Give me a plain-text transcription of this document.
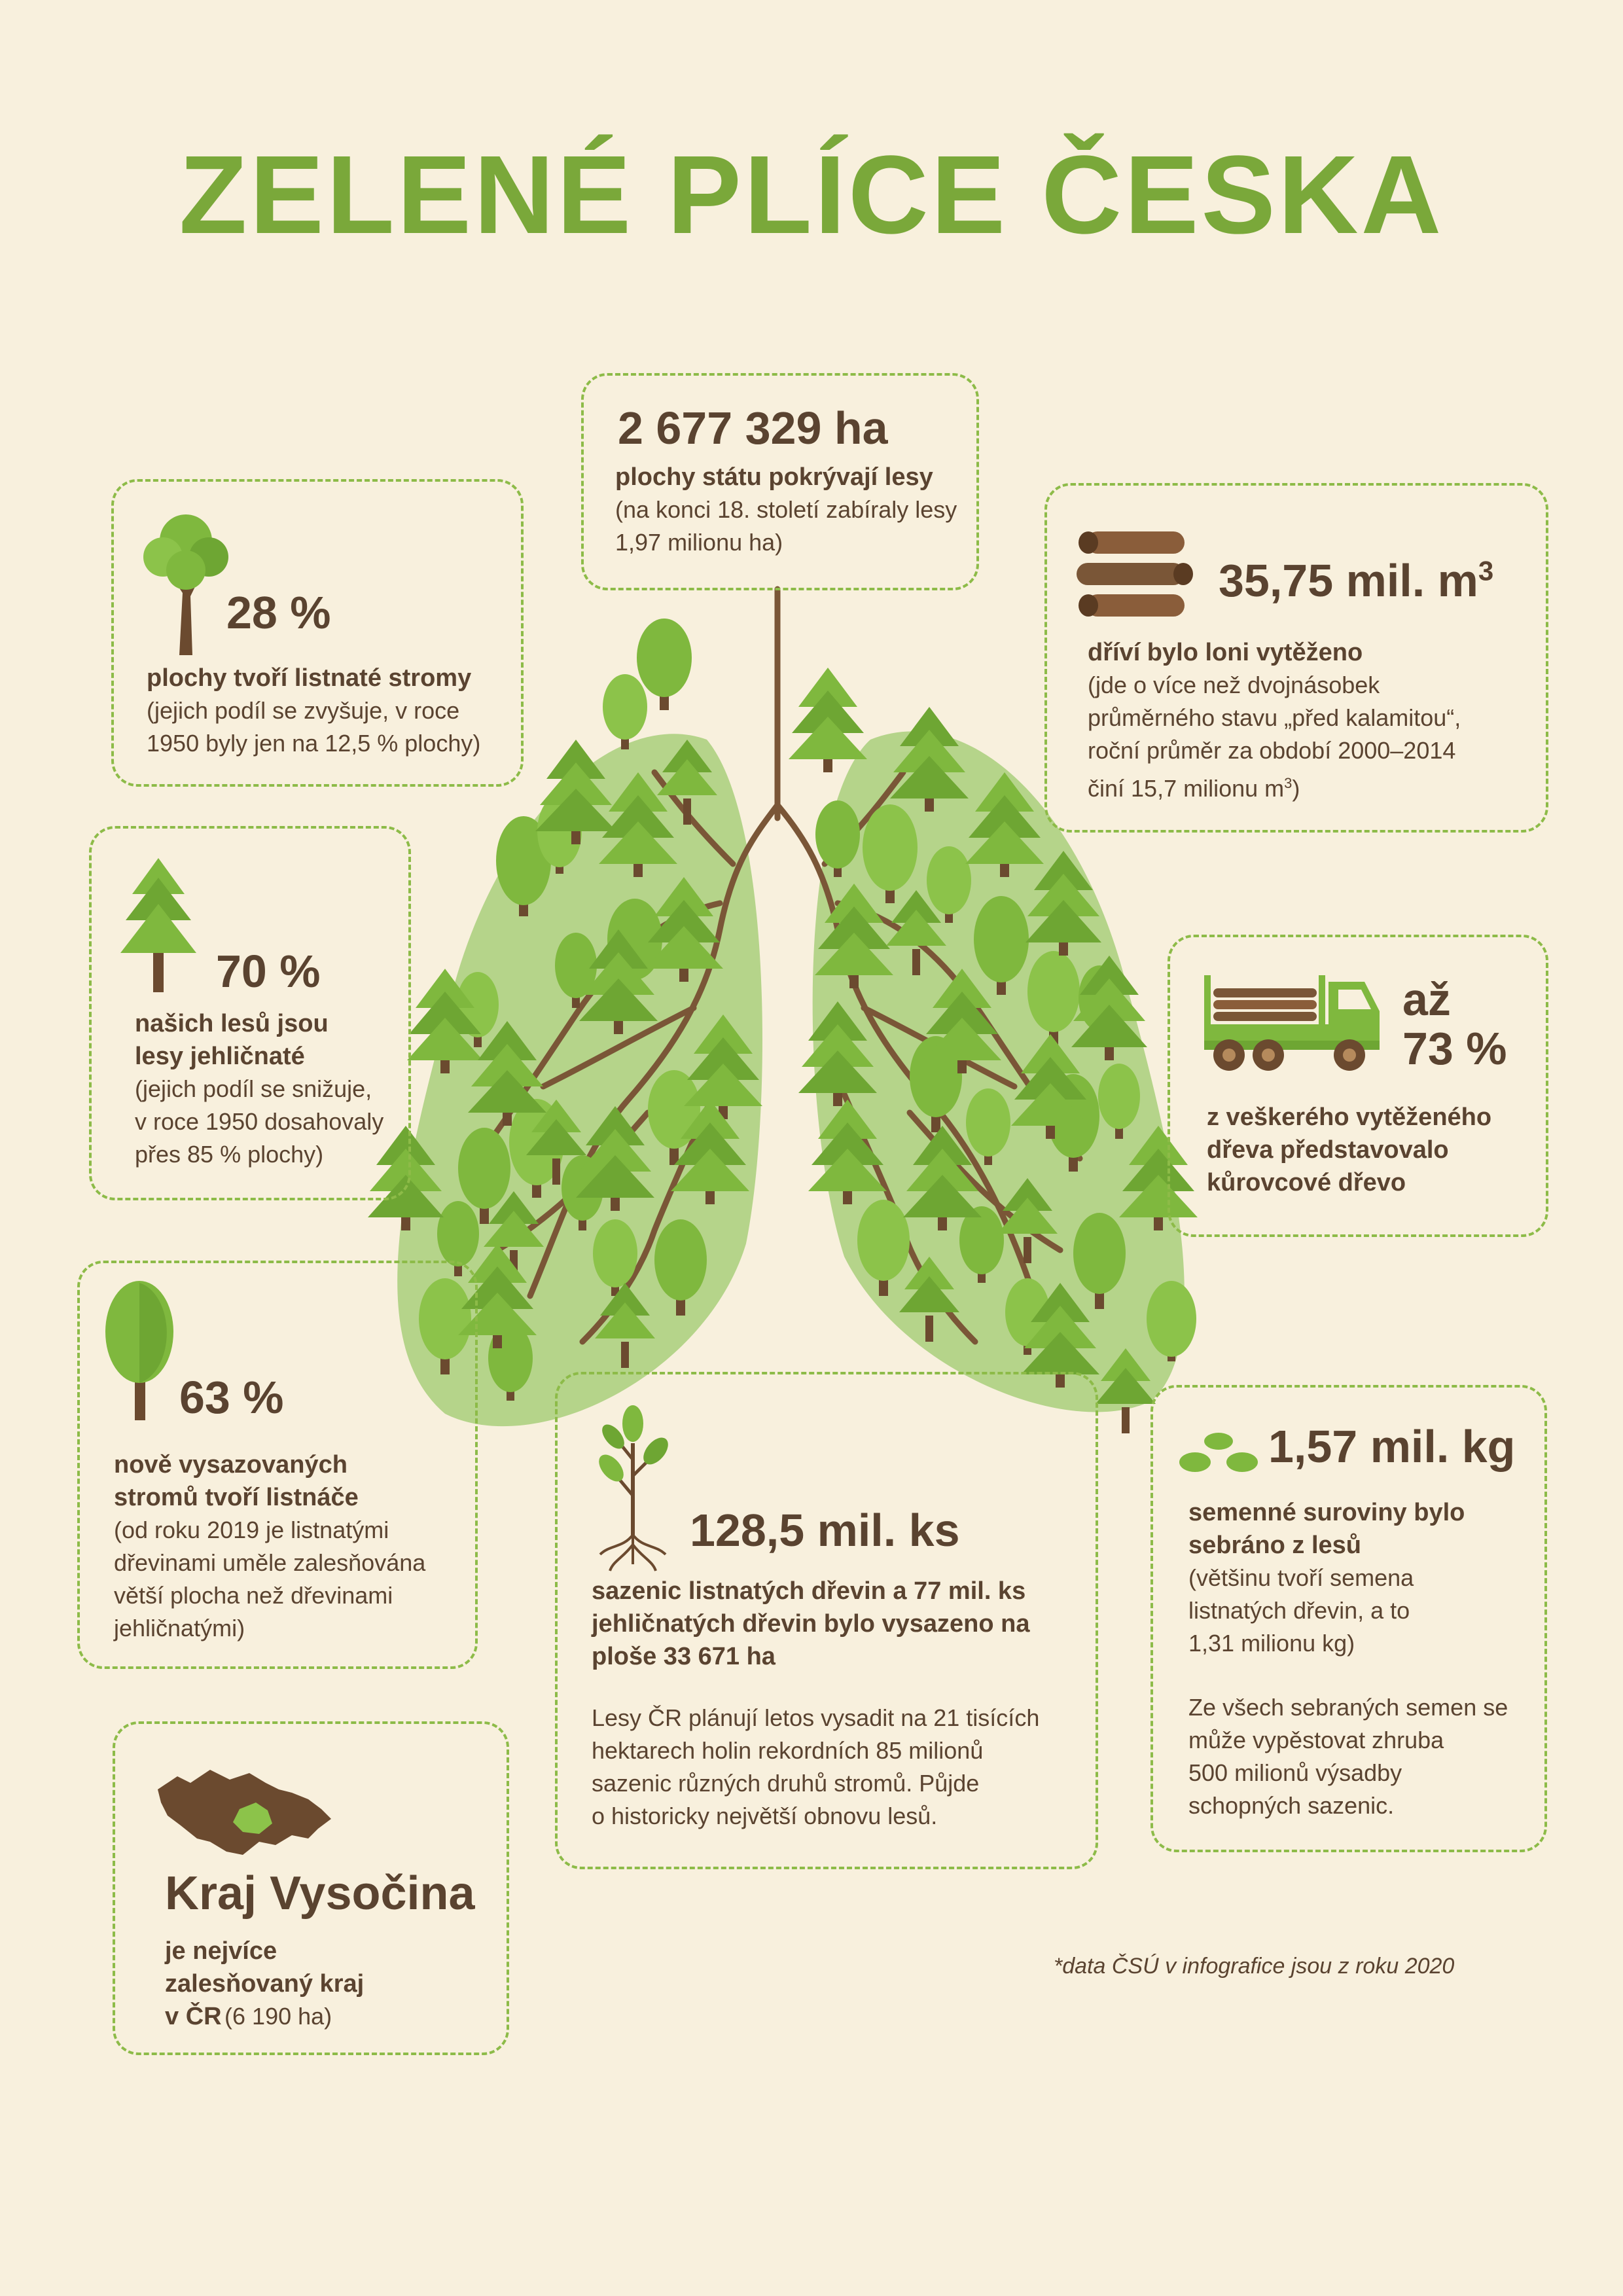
ZELENÉ PLÍCE ČESKA
2 677 329 ha
plochy státu pokrývají lesy
(na konci 18. století zabíraly lesy
1,97 milionu ha)
28 %
plochy tvoří listnaté stromy
(jejich podíl se zvyšuje, v roce
1950 byly jen na 12,5 % plochy)
35,75 mil. $m^3$
dříví bylo loni vytěženo
(jde o více než dvojnásobek
průměrného stavu „před kalamitou“,
roční průměr za období 2000–2014
činí 15,7 milionu $m^3$)
70 %
našich lesů jsou
lesy jehličnaté
(jejich podíl se snižuje,
v roce 1950 dosahovaly
přes 85 % plochy)
až
73 %
z veškerého vytěženého
dřeva představovalo
kůrovcové dřevo
63 %
nově vysazovaných
stromů tvoří listnáče
(od roku 2019 je listnatými
dřevinami uměle zalesňována
větší plocha než dřevinami
jehličnatými)
128,5 mil. ks
sazenic listnatých dřevin a 77 mil. ks
jehličnatých dřevin bylo vysazeno na
ploše 33 671 ha
Lesy ČR plánují letos vysadit na 21 tisících
hektarech holin rekordních 85 milionů
sazenic různých druhů stromů. Půjde
o historicky největší obnovu lesů.
1,57 mil. kg
semenné suroviny bylo
sebráno z lesů
(většinu tvoří semena
listnatých dřevin, a to
1,31 milionu kg)
Ze všech sebraných semen se
může vypěstovat zhruba
500 milionů výsadby
schopných sazenic.
Kraj Vysočina
je nejvíce
zalesňovaný kraj
v ČR (6 190 ha)
*data ČSÚ v infografice jsou z roku 2020
